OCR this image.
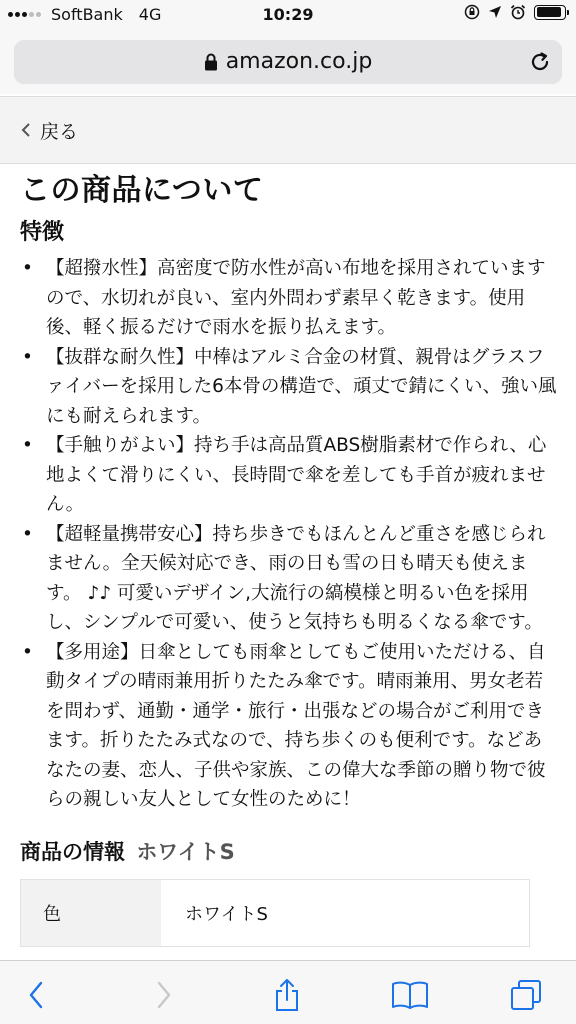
SoftBank 4G	10:29
amazon.co.jp
戻る
この商品について
特徴
• 【超撥水性】高密度で防水性が高い布地を採用されていますので、水切れが良い、室内外問わず素早く乾きます。使用後、軽く振るだけで雨水を振り払えます。
• 【抜群な耐久性】中棒はアルミ合金の材質、親骨はグラスファイバーを採用した6本骨の構造で、頑丈で錆にくい、強い風にも耐えられます。
• 【手触りがよい】持ち手は高品質ABS樹脂素材で作られ、心地よくて滑りにくい、長時間で傘を差しても手首が疲れません。
• 【超軽量携帯安心】持ち歩きでもほんとんど重さを感じられません。全天候対応でき、雨の日も雪の日も晴天も使えます。 ♪♪ 可愛いデザイン,大流行の縞模様と明るい色を採用し、シンプルで可愛い、使うと気持ちも明るくなる傘です。
• 【多用途】日傘としても雨傘としてもご使用いただける、自動タイプの晴雨兼用折りたたみ傘です。晴雨兼用、男女老若を問わず、通勤・通学・旅行・出張などの場合がご利用できます。折りたたみ式なので、持ち歩くのも便利です。などあなたの妻、恋人、子供や家族、この偉大な季節の贈り物で彼らの親しい友人として女性のために！
商品の情報 ホワイトS
色	ホワイトS
